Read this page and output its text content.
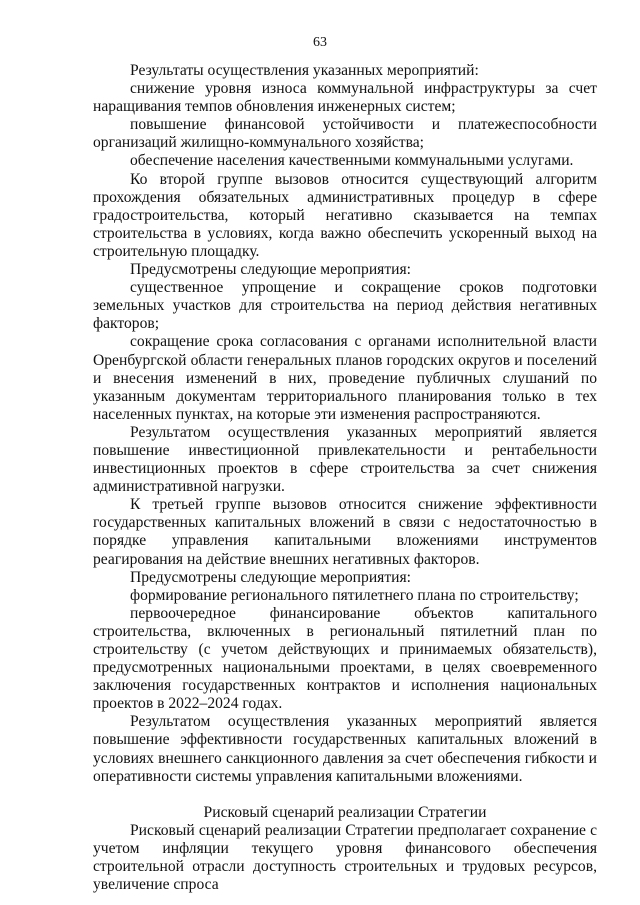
63

Результаты осуществления указанных мероприятий:

снижение уровня износа коммунальной инфраструктуры за счет наращивания темпов обновления инженерных систем;

повышение финансовой устойчивости и платежеспособности организаций жилищно-коммунального хозяйства;

обеспечение населения качественными коммунальными услугами.

Ко второй группе вызовов относится существующий алгоритм прохождения обязательных административных процедур в сфере градостроительства, который негативно сказывается на темпах строительства в условиях, когда важно обеспечить ускоренный выход на строительную площадку.

Предусмотрены следующие мероприятия:

существенное упрощение и сокращение сроков подготовки земельных участков для строительства на период действия негативных факторов;

сокращение срока согласования с органами исполнительной власти Оренбургской области генеральных планов городских округов и поселений и внесения изменений в них, проведение публичных слушаний по указанным документам территориального планирования только в тех населенных пунктах, на которые эти изменения распространяются.

Результатом осуществления указанных мероприятий является повышение инвестиционной привлекательности и рентабельности инвестиционных проектов в сфере строительства за счет снижения административной нагрузки.

К третьей группе вызовов относится снижение эффективности государственных капитальных вложений в связи с недостаточностью в порядке управления капитальными вложениями инструментов реагирования на действие внешних негативных факторов.

Предусмотрены следующие мероприятия:

формирование регионального пятилетнего плана по строительству;

первоочередное финансирование объектов капитального строительства, включенных в региональный пятилетний план по строительству (с учетом действующих и принимаемых обязательств), предусмотренных национальными проектами, в целях своевременного заключения государственных контрактов и исполнения национальных проектов в 2022–2024 годах.

Результатом осуществления указанных мероприятий является повышение эффективности государственных капитальных вложений в условиях внешнего санкционного давления за счет обеспечения гибкости и оперативности системы управления капитальными вложениями.

Рисковый сценарий реализации Стратегии

Рисковый сценарий реализации Стратегии предполагает сохранение с учетом инфляции текущего уровня финансового обеспечения строительной отрасли доступность строительных и трудовых ресурсов, увеличение спроса
